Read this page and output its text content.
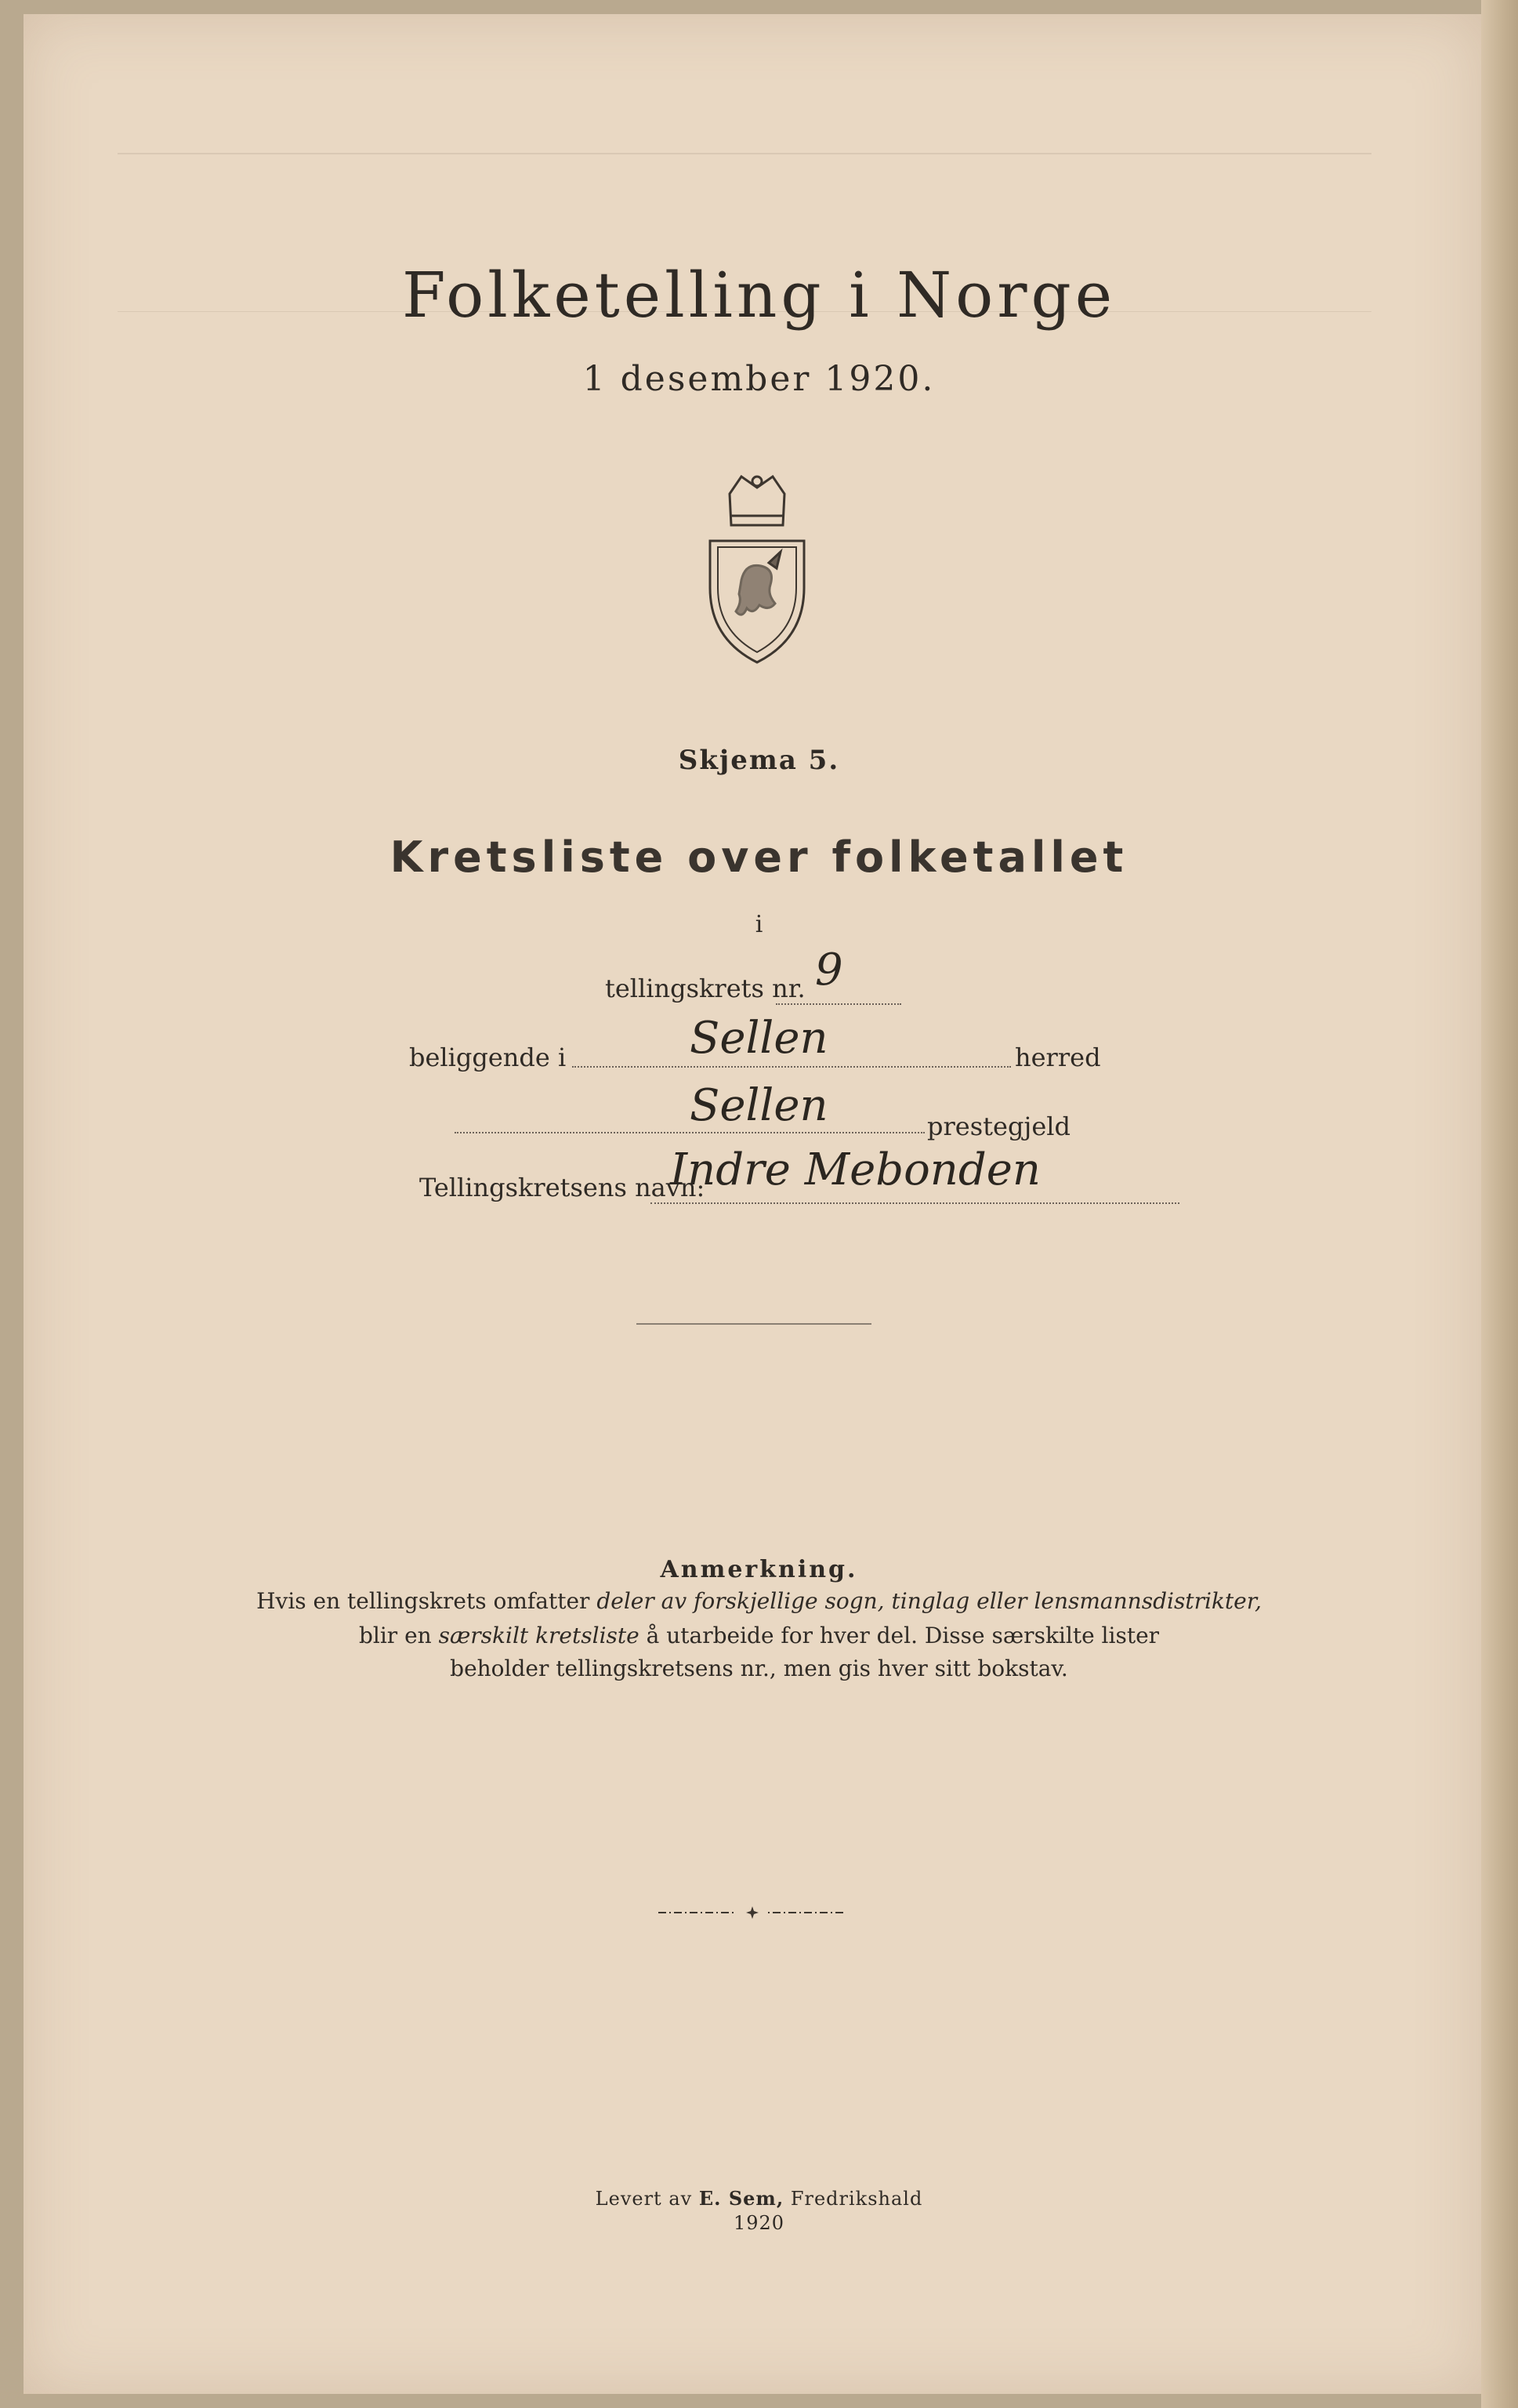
Folketelling i Norge
1 desember 1920.
Skjema 5.
Kretsliste over folketallet
i
tellingskrets nr. 9
beliggende i	Sellen	herred
Sellen	prestegjeld
Tellingskretsens navn:
Indre Mebonden
Anmerkning.
Hvis en tellingskrets omfatter deler av forskjellige sogn, tinglag eller lensmannsdistrikter,
blir en særskilt kretsliste å utarbeide for hver del. Disse særskilte lister
beholder tellingskretsens nr., men gis hver sitt bokstav.
Levert av E. Sem, Fredrikshald
1920
